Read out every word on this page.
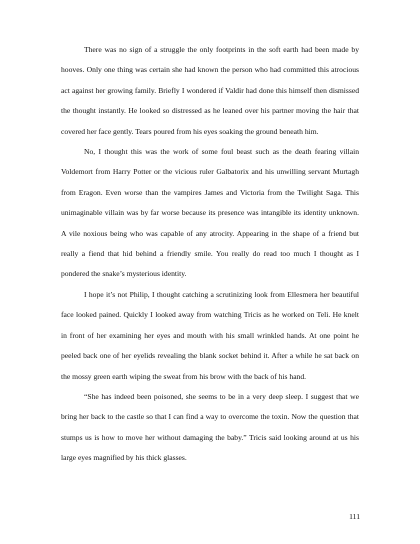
There was no sign of a struggle the only footprints in the soft earth had been made by hooves. Only one thing was certain she had known the person who had committed this atrocious act against her growing family. Briefly I wondered if Valdir had done this himself then dismissed the thought instantly. He looked so distressed as he leaned over his partner moving the hair that covered her face gently. Tears poured from his eyes soaking the ground beneath him.

No, I thought this was the work of some foul beast such as the death fearing villain Voldemort from Harry Potter or the vicious ruler Galbatorix and his unwilling servant Murtagh from Eragon. Even worse than the vampires James and Victoria from the Twilight Saga. This unimaginable villain was by far worse because its presence was intangible its identity unknown. A vile noxious being who was capable of any atrocity. Appearing in the shape of a friend but really a fiend that hid behind a friendly smile. You really do read too much I thought as I pondered the snake’s mysterious identity.

I hope it’s not Philip, I thought catching a scrutinizing look from Ellesmera her beautiful face looked pained. Quickly I looked away from watching Tricis as he worked on Teli. He knelt in front of her examining her eyes and mouth with his small wrinkled hands. At one point he peeled back one of her eyelids revealing the blank socket behind it. After a while he sat back on the mossy green earth wiping the sweat from his brow with the back of his hand.

“She has indeed been poisoned, she seems to be in a very deep sleep. I suggest that we bring her back to the castle so that I can find a way to overcome the toxin. Now the question that stumps us is how to move her without damaging the baby.” Tricis said looking around at us his large eyes magnified by his thick glasses.

111
